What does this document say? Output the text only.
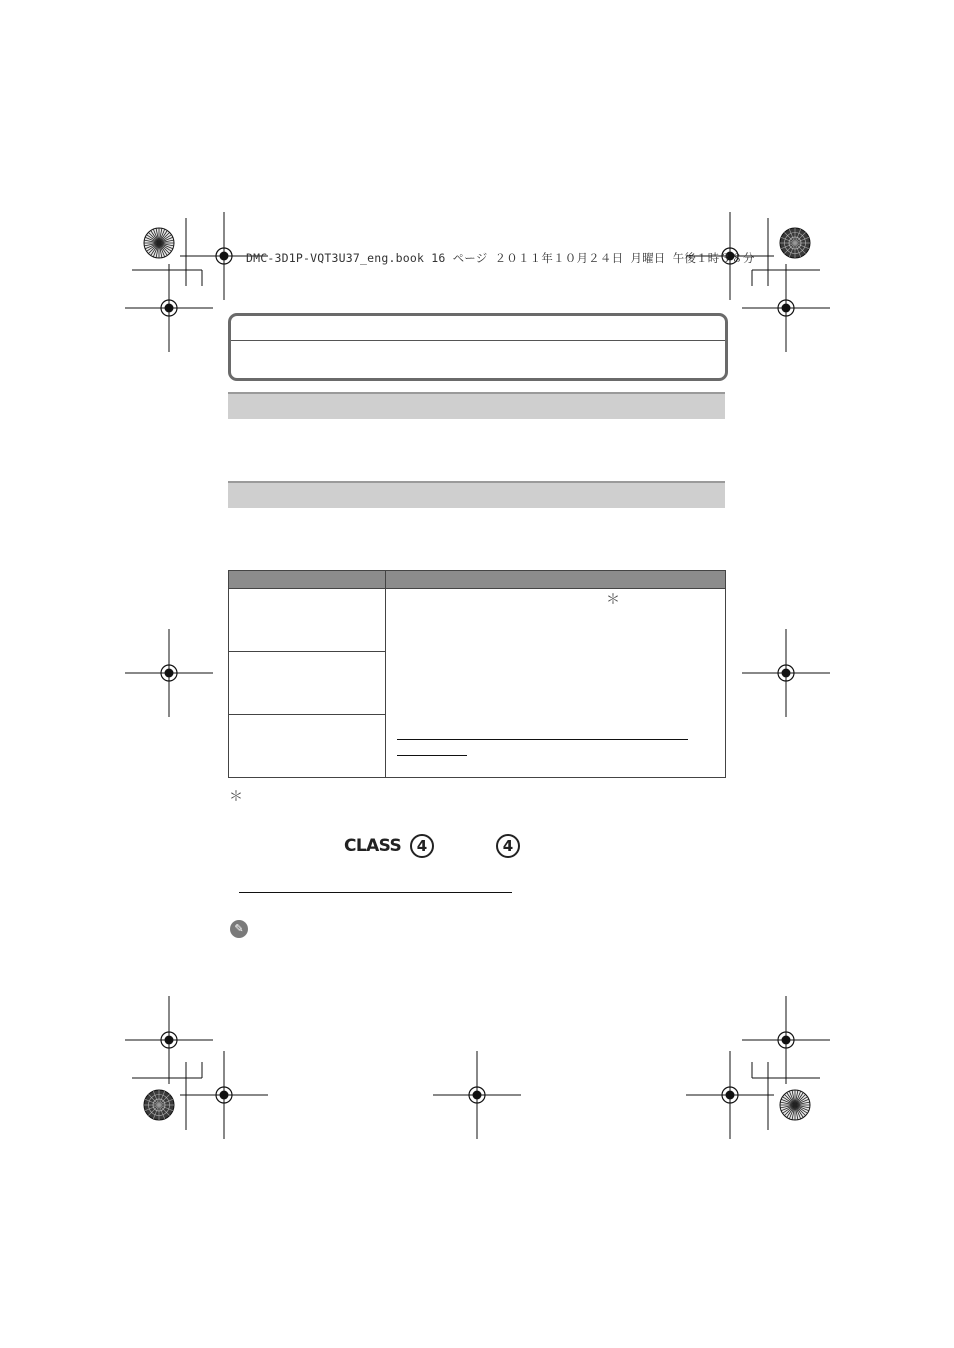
DMC-3D1P-VQT3U37_eng.book 16 ページ ２０１１年１０月２４日 月曜日 午後１時３８分

	＊

＊
CLASS	4	4
✎
